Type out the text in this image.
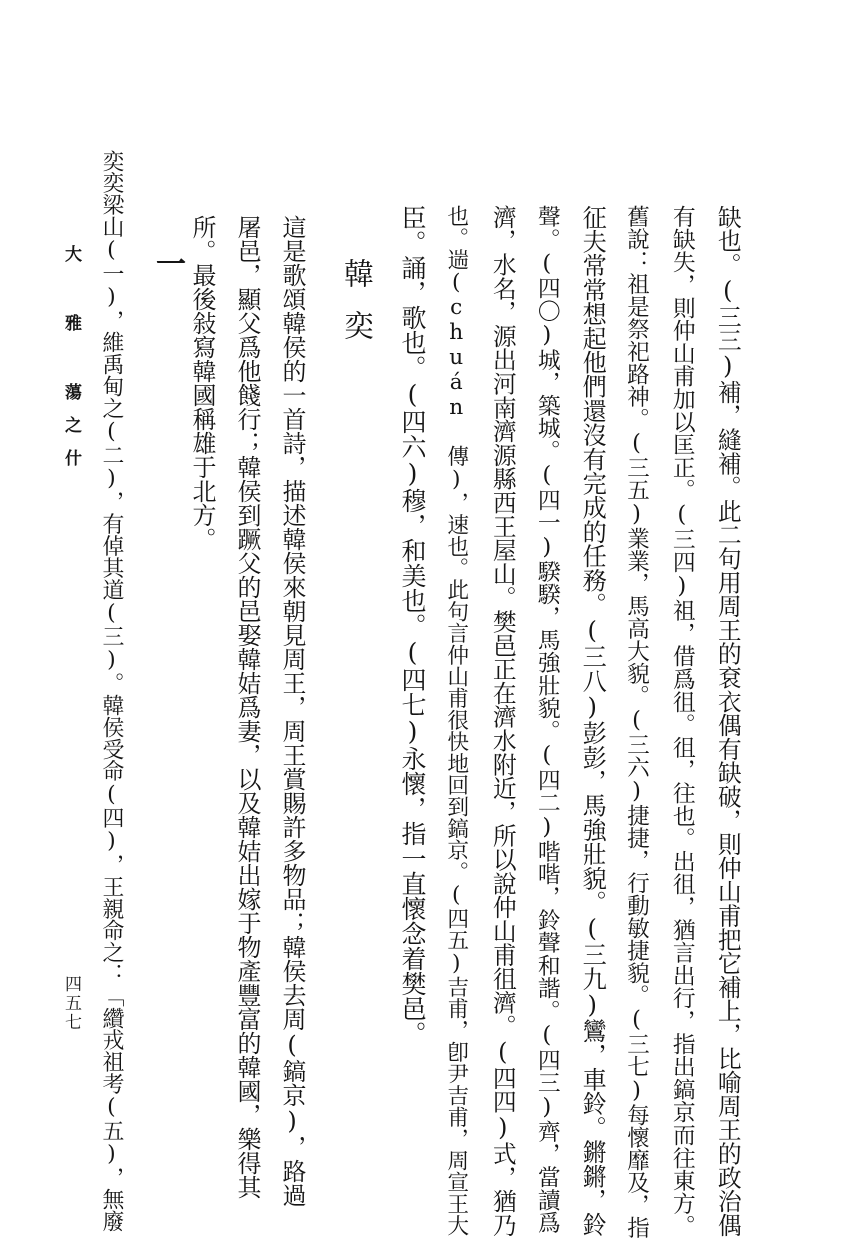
缺也。(三三)補，縫補。此二句用周王的袞衣偶有缺破，則仲山甫把它補上，比喻周王的政治偶
有缺失，則仲山甫加以匡正。(三四)祖，借爲徂。徂，往也。出徂，猶言出行，指出鎬京而往東方。
舊說：祖是祭祀路神。(三五)業業，馬高大貌。(三六)捷捷，行動敏捷貌。(三七)每懷靡及，指
征夫常常想起他們還沒有完成的任務。(三八)彭彭，馬強壯貌。(三九)鸞，車鈴。鏘鏘，鈴
聲。(四〇)城，築城。(四一)騤騤，馬強壯貌。(四二)喈喈，鈴聲和諧。(四三)齊，當讀爲
濟，水名，源出河南濟源縣西王屋山。樊邑正在濟水附近，所以說仲山甫徂濟。(四四)式，猶乃
也。遄(chuán 傳)，速也。此句言仲山甫很快地回到鎬京。(四五)吉甫，卽尹吉甫，周宣王大
臣。誦，歌也。(四六)穆，和美也。(四七)永懷，指一直懷念着樊邑。
韓奕
這是歌頌韓侯的一首詩，描述韓侯來朝見周王，周王賞賜許多物品；韓侯去周(鎬京)，路過
屠邑，顯父爲他餞行；韓侯到蹶父的邑娶韓姞爲妻，以及韓姞出嫁于物產豐富的韓國，樂得其
所。最後敍寫韓國稱雄于北方。
一
奕奕梁山(一)，維禹甸之(二)，有倬其道(三)。韓侯受命(四)，王親命之：「纘戎祖考(五)，無廢
大 雅 蕩之什
四五七
